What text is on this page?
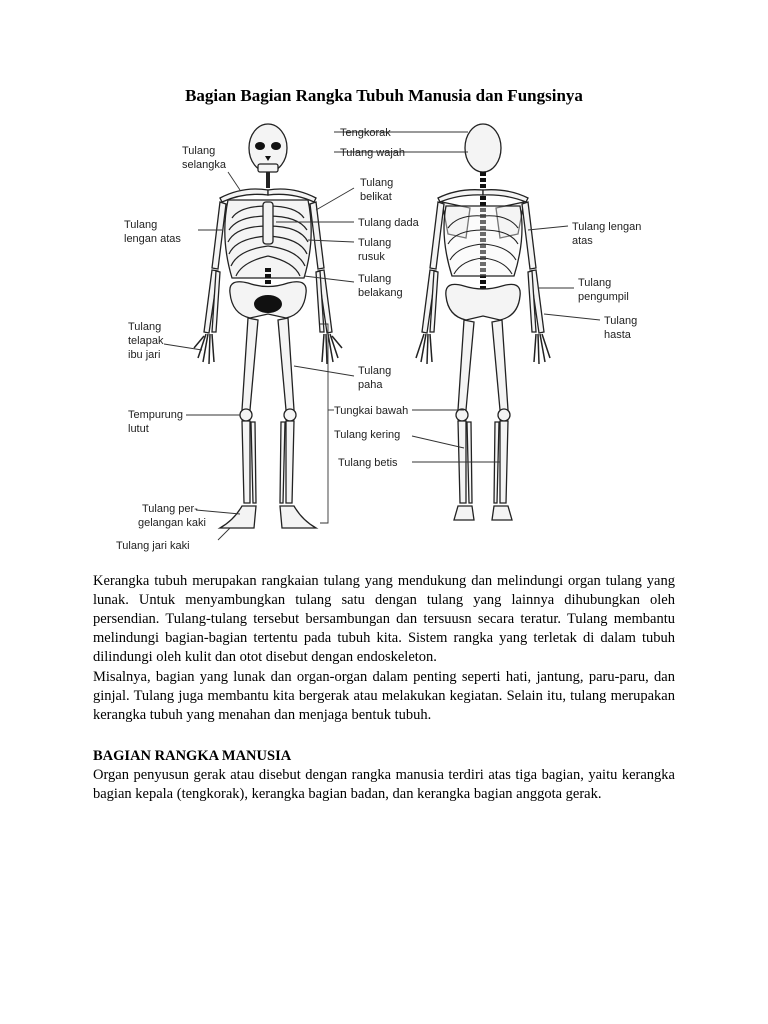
Bagian Bagian Rangka Tubuh Manusia dan Fungsinya
Tulang
selangka
Tulang
lengan atas
Tulang
telapak
ibu jari
Tempurung
lutut
Tulang per-
gelangan kaki
Tulang jari kaki
Tengkorak
Tulang wajah
Tulang
belikat
Tulang dada
Tulang
rusuk
Tulang
belakang
Tulang
paha
Tungkai bawah
Tulang kering
Tulang betis
Tulang lengan
atas
Tulang
pengumpil
Tulang
hasta

Kerangka tubuh merupakan rangkaian tulang yang mendukung dan melindungi organ tulang yang lunak. Untuk menyambungkan tulang satu dengan tulang yang lainnya dihubungkan oleh persendian. Tulang-tulang tersebut bersambungan dan tersuusn secara teratur. Tulang membantu melindungi bagian-bagian tertentu pada tubuh kita. Sistem rangka yang terletak di dalam tubuh dilindungi oleh kulit dan otot disebut dengan endoskeleton.

Misalnya, bagian yang lunak dan organ-organ dalam penting seperti hati, jantung, paru-paru, dan ginjal. Tulang juga membantu kita bergerak atau melakukan kegiatan. Selain itu, tulang merupakan kerangka tubuh yang menahan dan menjaga bentuk tubuh.

BAGIAN RANGKA MANUSIA

Organ penyusun gerak atau disebut dengan rangka manusia terdiri atas tiga bagian, yaitu kerangka bagian kepala (tengkorak), kerangka bagian badan, dan kerangka bagian anggota gerak.
